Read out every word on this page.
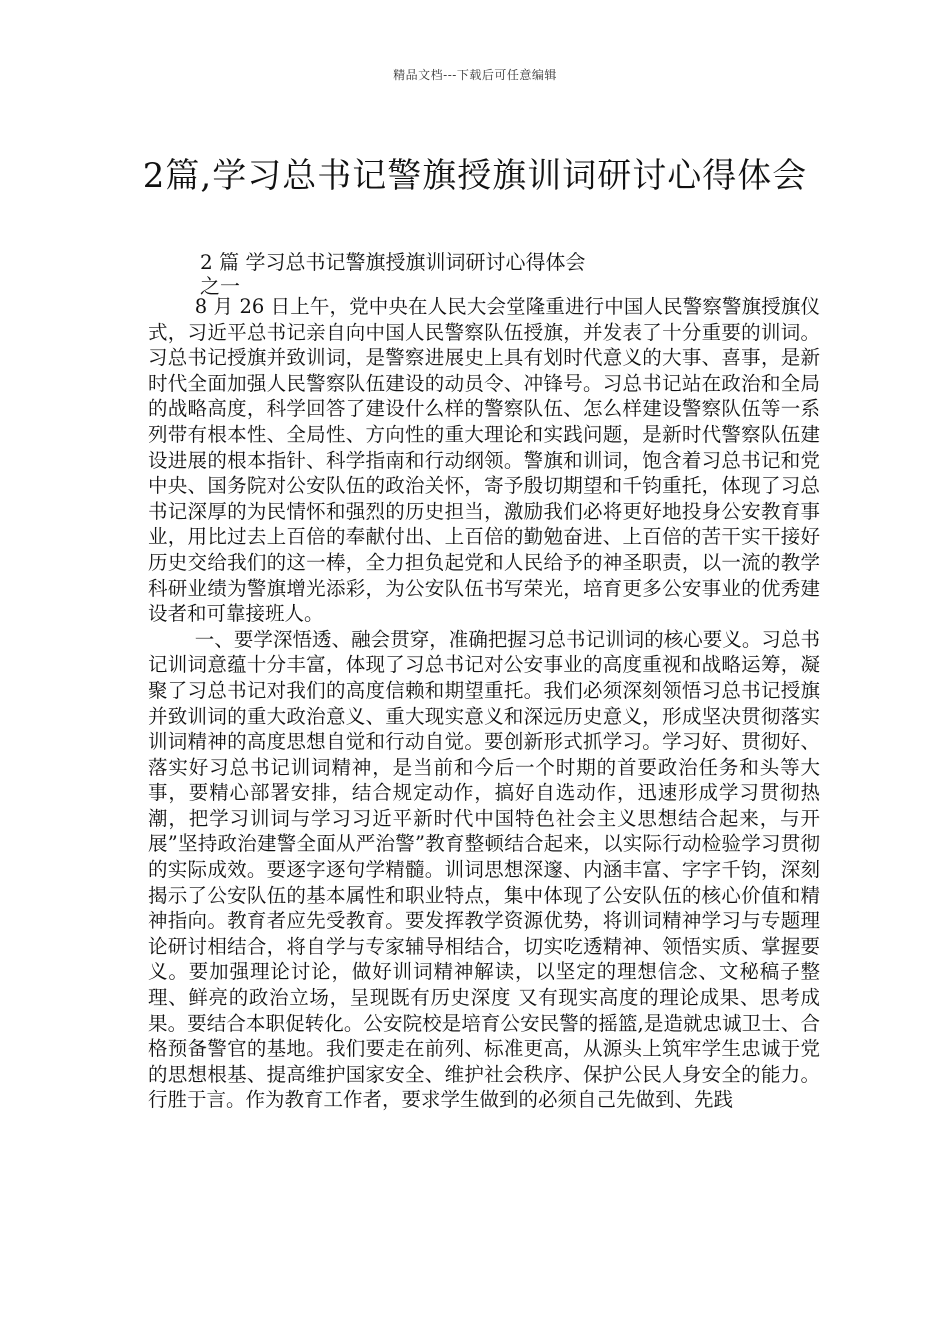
精品文档---下载后可任意编辑
2篇,学习总书记警旗授旗训词研讨心得体会
2 篇 学习总书记警旗授旗训词研讨心得体会
之一

8 月 26 日上午，党中央在人民大会堂隆重进行中国人民警察警旗授旗仪式，习近平总书记亲自向中国人民警察队伍授旗，并发表了十分重要的训词。习总书记授旗并致训词，是警察进展史上具有划时代意义的大事、喜事，是新时代全面加强人民警察队伍建设的动员令、冲锋号。习总书记站在政治和全局的战略高度，科学回答了建设什么样的警察队伍、怎么样建设警察队伍等一系列带有根本性、全局性、方向性的重大理论和实践问题，是新时代警察队伍建设进展的根本指针、科学指南和行动纲领。警旗和训词，饱含着习总书记和党中央、国务院对公安队伍的政治关怀，寄予殷切期望和千钧重托，体现了习总书记深厚的为民情怀和强烈的历史担当，激励我们必将更好地投身公安教育事业，用比过去上百倍的奉献付出、上百倍的勤勉奋进、上百倍的苦干实干接好历史交给我们的这一棒，全力担负起党和人民给予的神圣职责，以一流的教学科研业绩为警旗增光添彩，为公安队伍书写荣光，培育更多公安事业的优秀建设者和可靠接班人。

一、要学深悟透、融会贯穿，准确把握习总书记训词的核心要义。习总书记训词意蕴十分丰富，体现了习总书记对公安事业的高度重视和战略运筹，凝聚了习总书记对我们的高度信赖和期望重托。我们必须深刻领悟习总书记授旗并致训词的重大政治意义、重大现实意义和深远历史意义，形成坚决贯彻落实训词精神的高度思想自觉和行动自觉。要创新形式抓学习。学习好、贯彻好、落实好习总书记训词精神，是当前和今后一个时期的首要政治任务和头等大事，要精心部署安排，结合规定动作，搞好自选动作，迅速形成学习贯彻热潮，把学习训词与学习习近平新时代中国特色社会主义思想结合起来，与开展”坚持政治建警全面从严治警”教育整顿结合起来，以实际行动检验学习贯彻的实际成效。要逐字逐句学精髓。训词思想深邃、内涵丰富、字字千钧，深刻揭示了公安队伍的基本属性和职业特点，集中体现了公安队伍的核心价值和精神指向。教育者应先受教育。要发挥教学资源优势，将训词精神学习与专题理论研讨相结合，将自学与专家辅导相结合，切实吃透精神、领悟实质、掌握要义。要加强理论讨论，做好训词精神解读，以坚定的理想信念、文秘稿子整理、鲜亮的政治立场，呈现既有历史深度 又有现实高度的理论成果、思考成果。要结合本职促转化。公安院校是培育公安民警的摇篮,是造就忠诚卫士、合格预备警官的基地。我们要走在前列、标准更高，从源头上筑牢学生忠诚于党的思想根基、提高维护国家安全、维护社会秩序、保护公民人身安全的能力。行胜于言。作为教育工作者，要求学生做到的必须自己先做到、先践
